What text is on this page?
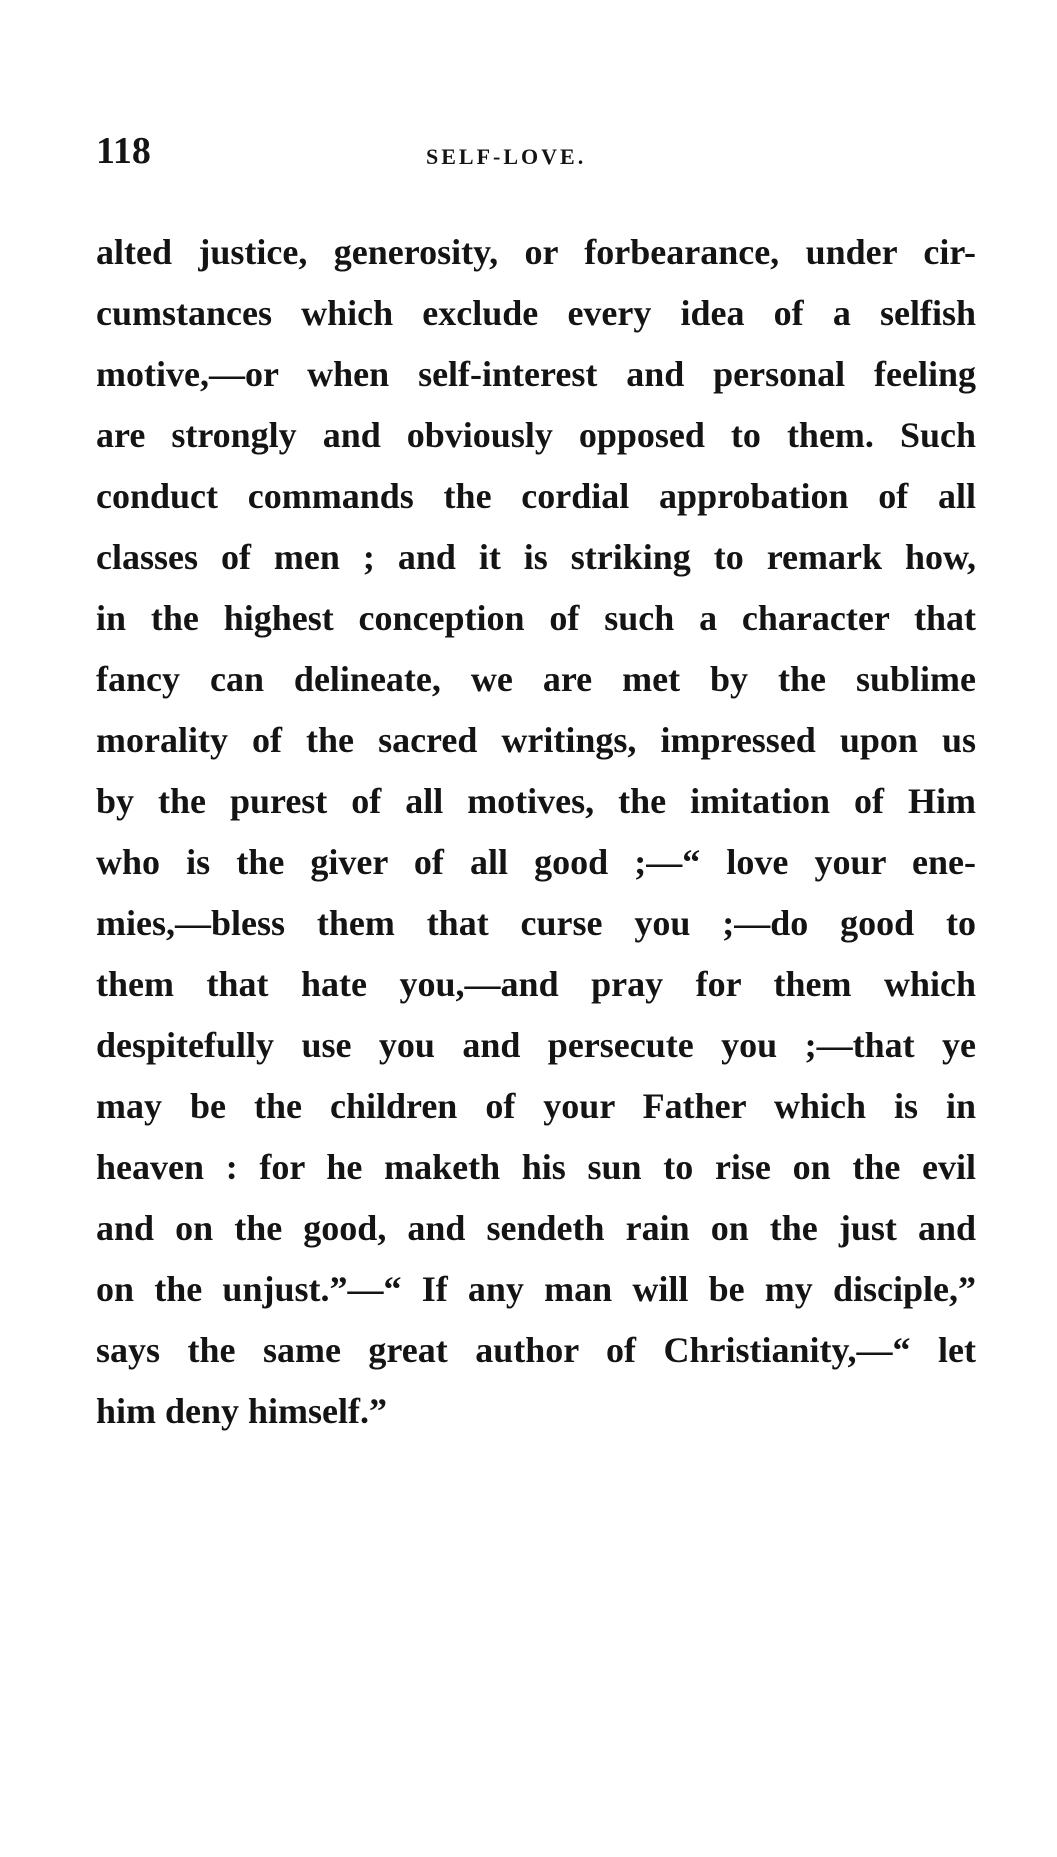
118	SELF-LOVE.
alted justice, generosity, or forbearance, under cir-
cumstances which exclude every idea of a selfish
motive,—or when self-interest and personal feeling
are strongly and obviously opposed to them. Such
conduct commands the cordial approbation of all
classes of men ; and it is striking to remark how,
in the highest conception of such a character that
fancy can delineate, we are met by the sublime
morality of the sacred writings, impressed upon us
by the purest of all motives, the imitation of Him
who is the giver of all good ;—“ love your ene-
mies,—bless them that curse you ;—do good to
them that hate you,—and pray for them which
despitefully use you and persecute you ;—that ye
may be the children of your Father which is in
heaven : for he maketh his sun to rise on the evil
and on the good, and sendeth rain on the just and
on the unjust.”—“ If any man will be my disciple,”
says the same great author of Christianity,—“ let
him deny himself.”
